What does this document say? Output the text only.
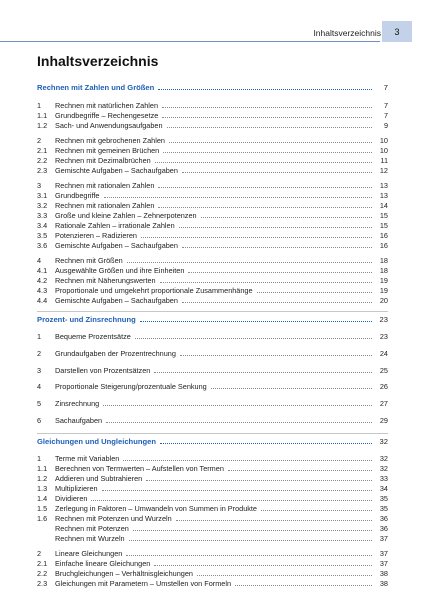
Inhaltsverzeichnis 3
Inhaltsverzeichnis
Rechnen mit Zahlen und Größen	7
1	Rechnen mit natürlichen Zahlen	7
1.1	Grundbegriffe – Rechengesetze	7
1.2	Sach- und Anwendungsaufgaben	9
2	Rechnen mit gebrochenen Zahlen	10
2.1	Rechnen mit gemeinen Brüchen	10
2.2	Rechnen mit Dezimalbrüchen	11
2.3	Gemischte Aufgaben – Sachaufgaben	12
3	Rechnen mit rationalen Zahlen	13
3.1	Grundbegriffe	13
3.2	Rechnen mit rationalen Zahlen	14
3.3	Große und kleine Zahlen – Zehnerpotenzen	15
3.4	Rationale Zahlen – irrationale Zahlen	15
3.5	Potenzieren – Radizieren	16
3.6	Gemischte Aufgaben – Sachaufgaben	16
4	Rechnen mit Größen	18
4.1	Ausgewählte Größen und ihre Einheiten	18
4.2	Rechnen mit Näherungswerten	19
4.3	Proportionale und umgekehrt proportionale Zusammenhänge	19
4.4	Gemischte Aufgaben – Sachaufgaben	20
Prozent- und Zinsrechnung	23
1	Bequeme Prozentsätze	23
2	Grundaufgaben der Prozentrechnung	24
3	Darstellen von Prozentsätzen	25
4	Proportionale Steigerung/prozentuale Senkung	26
5	Zinsrechnung	27
6	Sachaufgaben	29
Gleichungen und Ungleichungen	32
1	Terme mit Variablen	32
1.1	Berechnen von Termwerten – Aufstellen von Termen	32
1.2	Addieren und Subtrahieren	33
1.3	Multiplizieren	34
1.4	Dividieren	35
1.5	Zerlegung in Faktoren – Umwandeln von Summen in Produkte	35
1.6	Rechnen mit Potenzen und Wurzeln	36
Rechnen mit Potenzen	36
Rechnen mit Wurzeln	37
2	Lineare Gleichungen	37
2.1	Einfache lineare Gleichungen	37
2.2	Bruchgleichungen – Verhältnisgleichungen	38
2.3	Gleichungen mit Parametern – Umstellen von Formeln	38
